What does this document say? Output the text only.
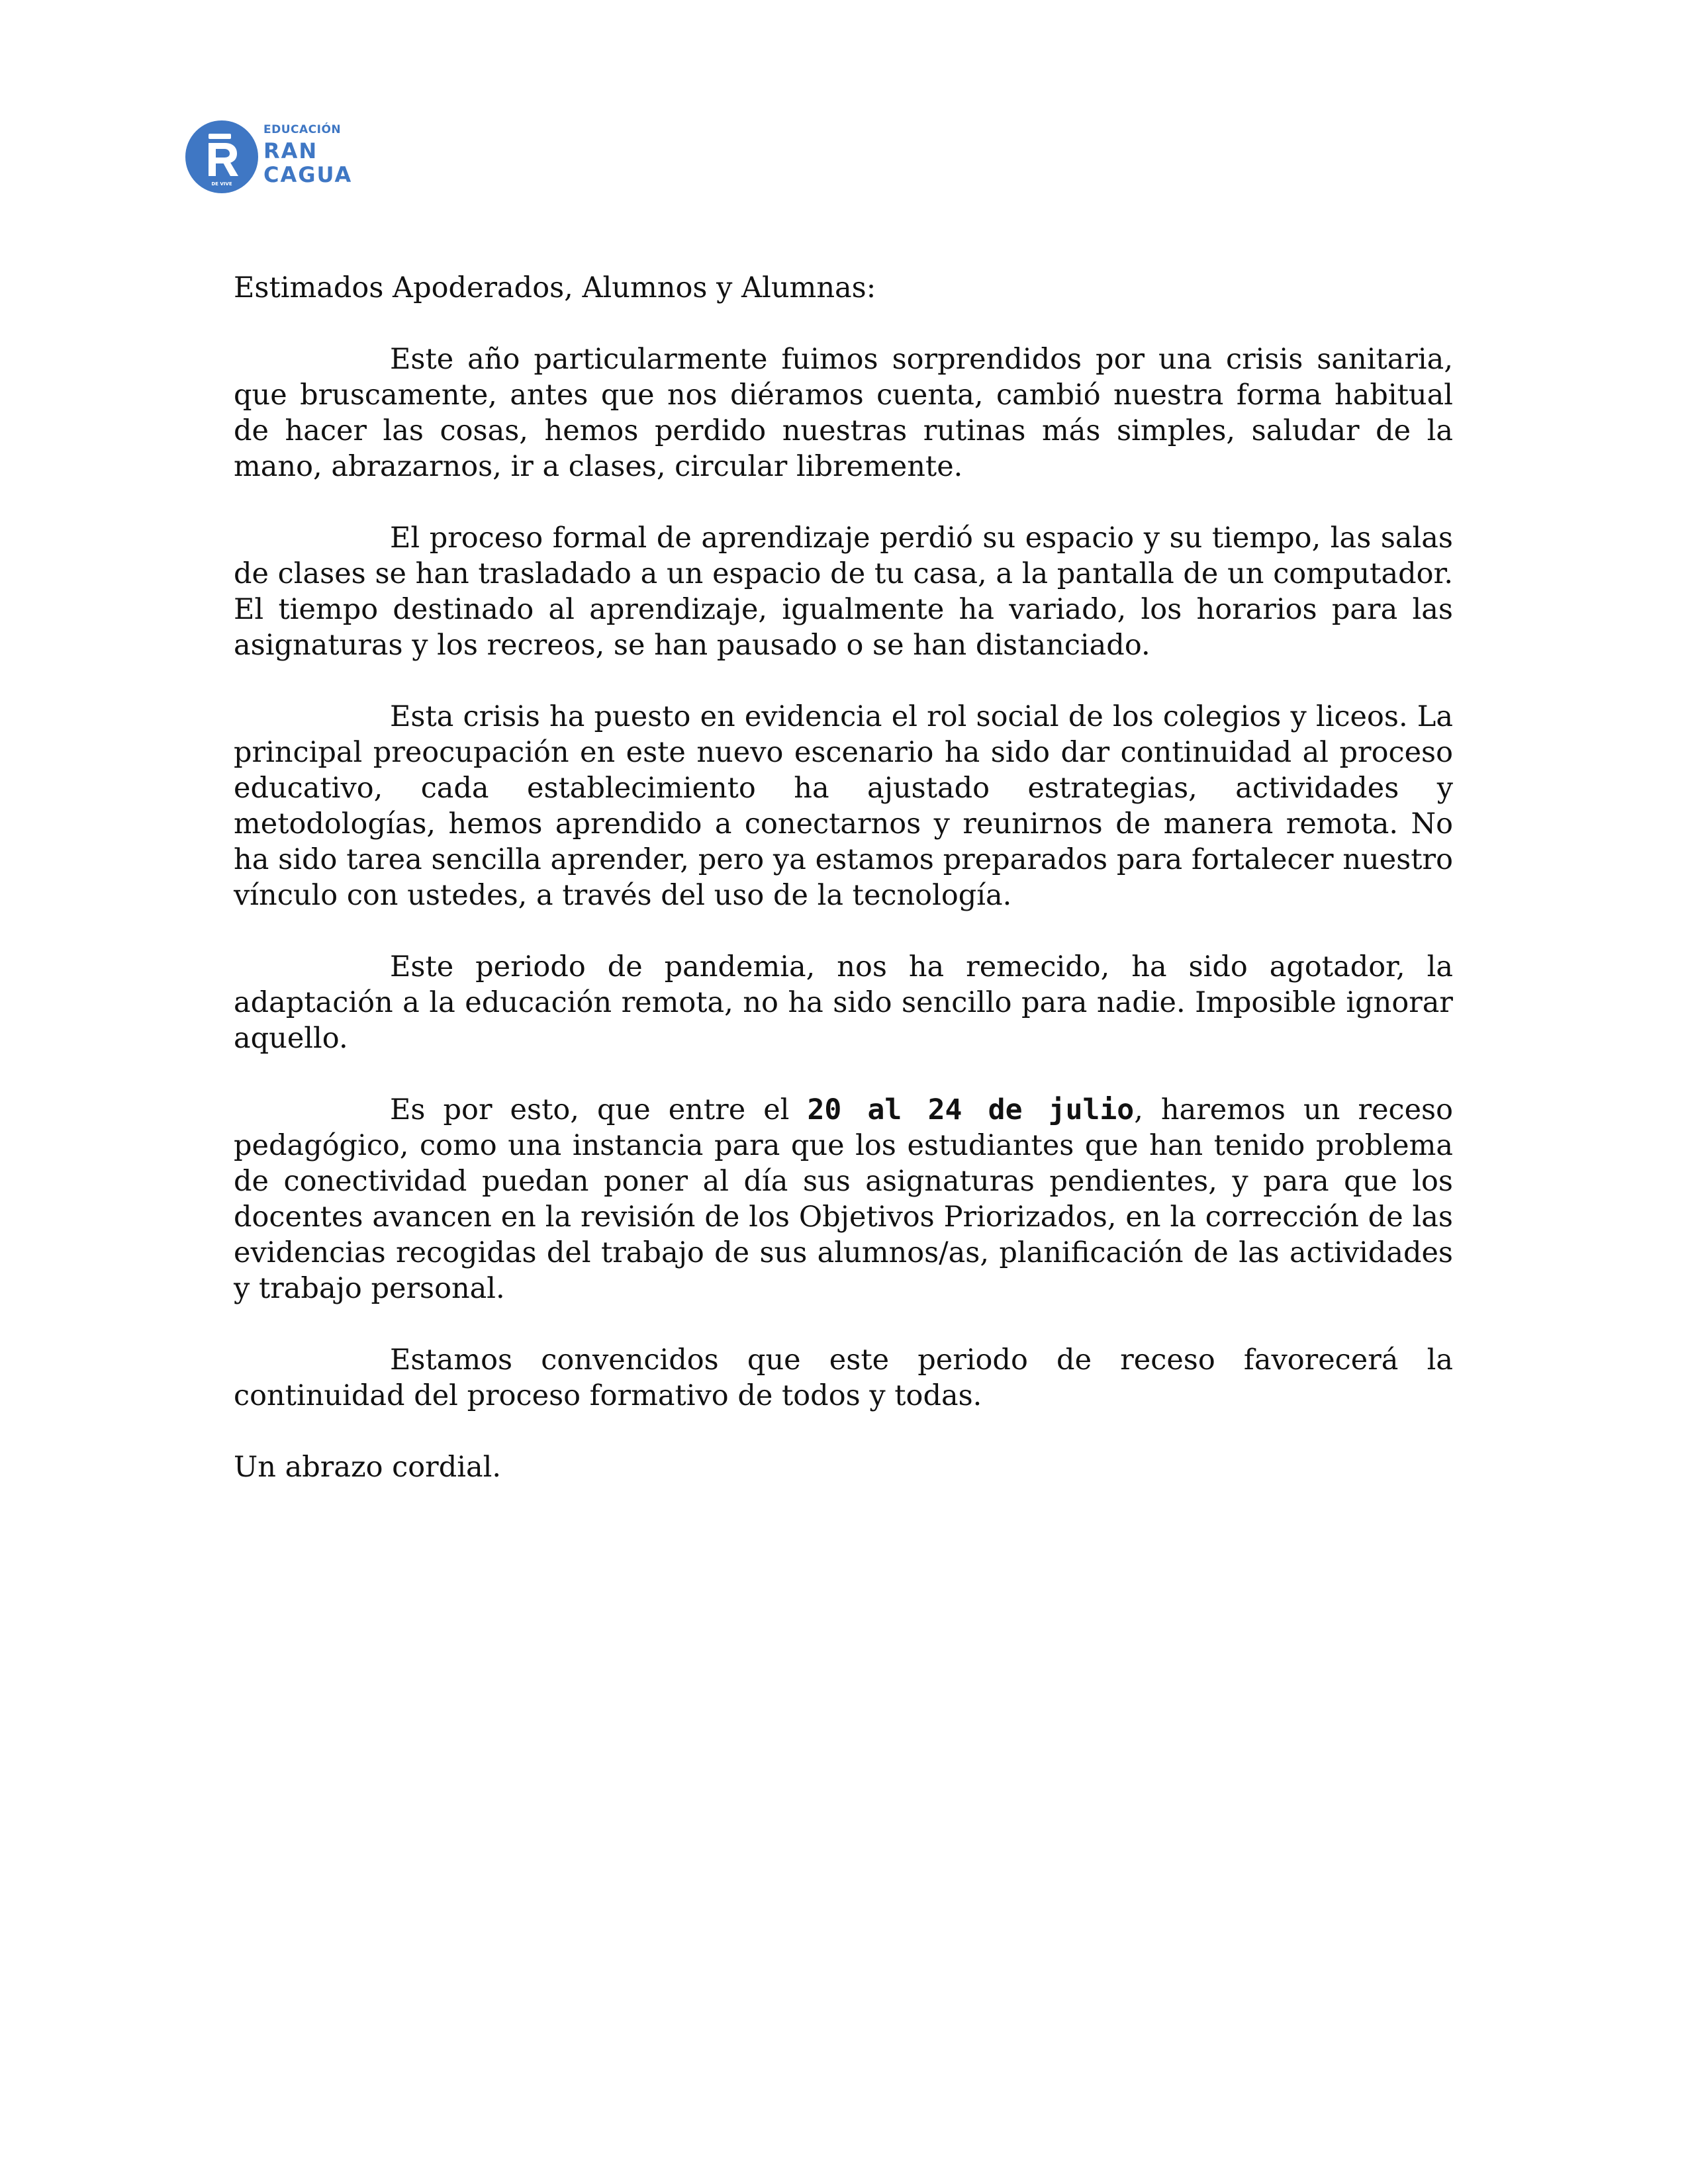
DE VIVE
EDUCACIÓN
RAN
CAGUA

Estimados Apoderados, Alumnos y Alumnas:

Este año particularmente fuimos sorprendidos por una crisis sanitaria, que bruscamente, antes que nos diéramos cuenta, cambió nuestra forma habitual de hacer las cosas, hemos perdido nuestras rutinas más simples, saludar de la mano, abrazarnos, ir a clases, circular libremente.

El proceso formal de aprendizaje perdió su espacio y su tiempo, las salas de clases se han trasladado a un espacio de tu casa, a la pantalla de un computador. El tiempo destinado al aprendizaje, igualmente ha variado, los horarios para las asignaturas y los recreos, se han pausado o se han distanciado.

Esta crisis ha puesto en evidencia el rol social de los colegios y liceos. La principal preocupación en este nuevo escenario ha sido dar continuidad al proceso educativo, cada establecimiento ha ajustado estrategias, actividades y metodologías, hemos aprendido a conectarnos y reunirnos de manera remota. No ha sido tarea sencilla aprender, pero ya estamos preparados para fortalecer nuestro vínculo con ustedes, a través del uso de la tecnología.

Este periodo de pandemia, nos ha remecido, ha sido agotador, la adaptación a la educación remota, no ha sido sencillo para nadie. Imposible ignorar aquello.

Es por esto, que entre el 20 al 24 de julio, haremos un receso pedagógico, como una instancia para que los estudiantes que han tenido problema de conectividad puedan poner al día sus asignaturas pendientes, y para que los docentes avancen en la revisión de los Objetivos Priorizados, en la corrección de las evidencias recogidas del trabajo de sus alumnos/as, planificación de las actividades y trabajo personal.

Estamos convencidos que este periodo de receso favorecerá la continuidad del proceso formativo de todos y todas.

Un abrazo cordial.
